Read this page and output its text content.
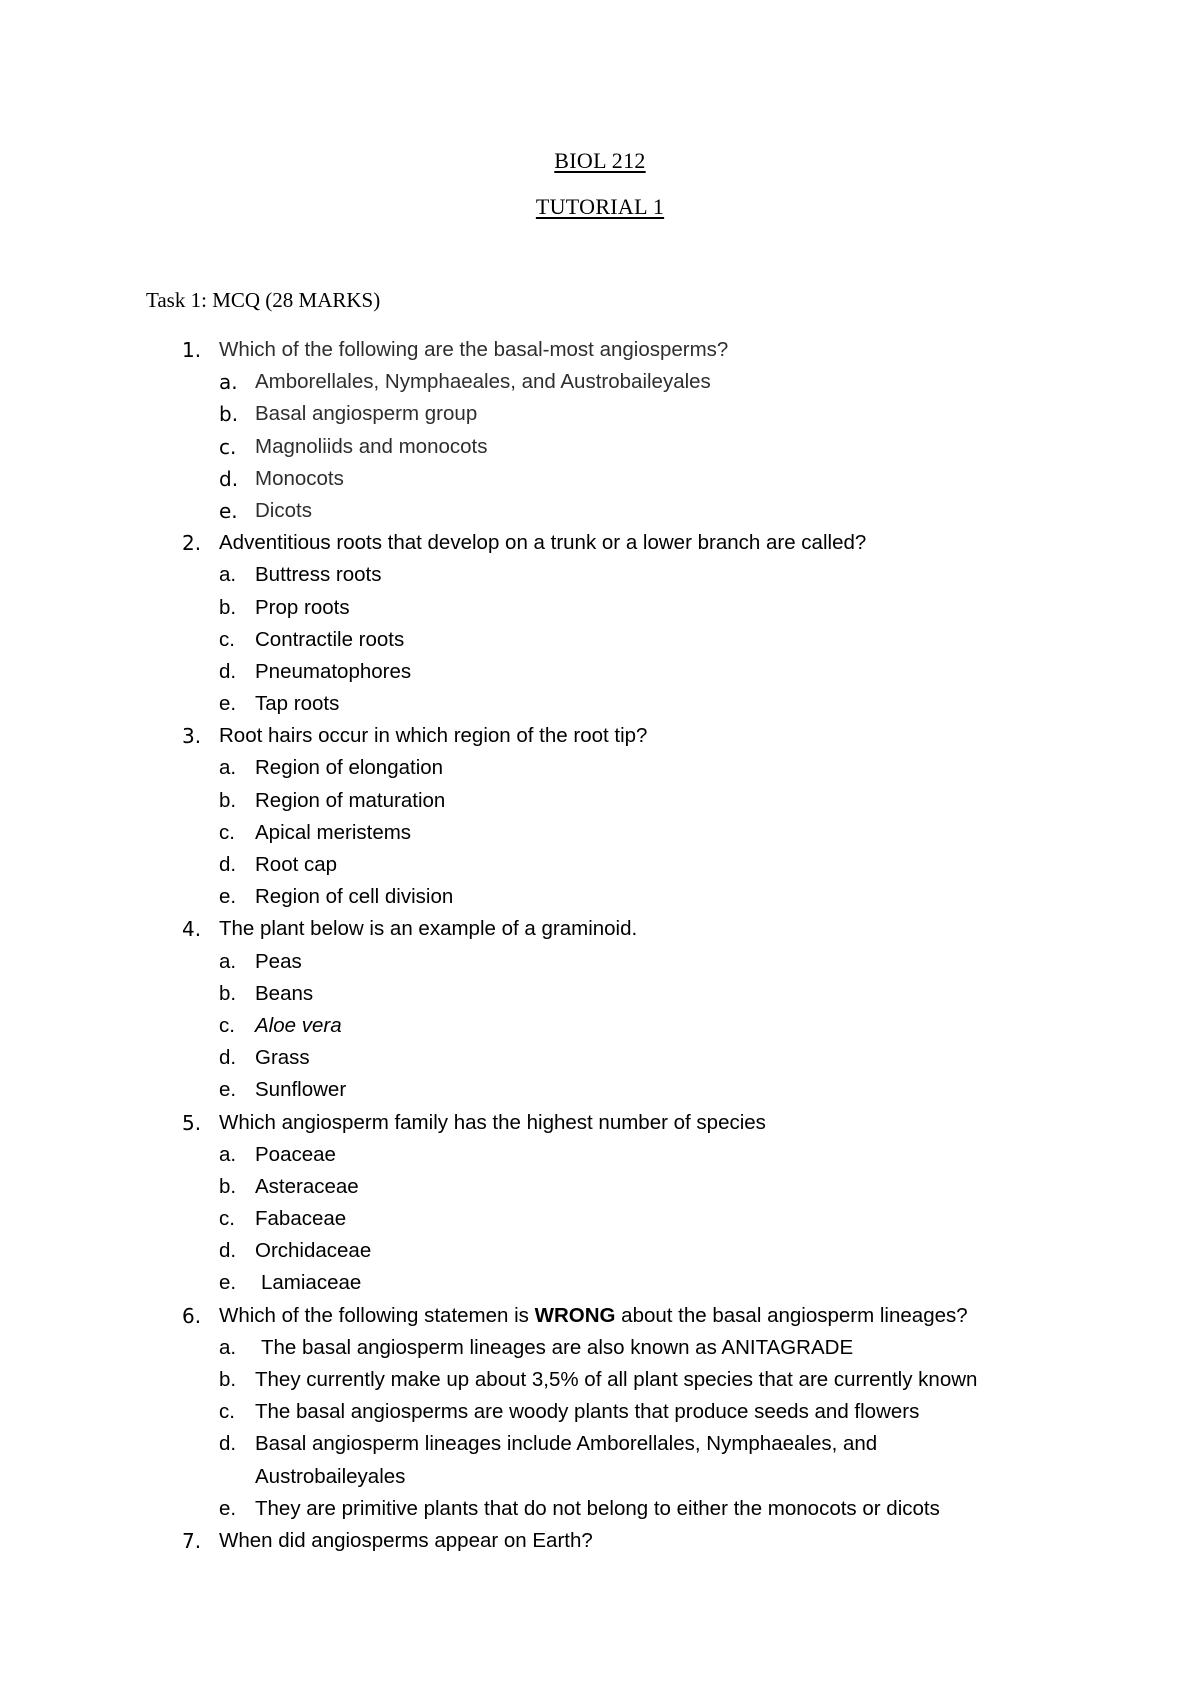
BIOL 212
TUTORIAL 1
Task 1: MCQ (28 MARKS)
1. Which of the following are the basal-most angiosperms?
a. Amborellales, Nymphaeales, and Austrobaileyales
b. Basal angiosperm group
c. Magnoliids and monocots
d. Monocots
e. Dicots
2. Adventitious roots that develop on a trunk or a lower branch are called?
a. Buttress roots
b. Prop roots
c. Contractile roots
d. Pneumatophores
e. Tap roots
3. Root hairs occur in which region of the root tip?
a. Region of elongation
b. Region of maturation
c. Apical meristems
d. Root cap
e. Region of cell division
4. The plant below is an example of a graminoid.
a. Peas
b. Beans
c. Aloe vera
d. Grass
e. Sunflower
5. Which angiosperm family has the highest number of species
a. Poaceae
b. Asteraceae
c. Fabaceae
d. Orchidaceae
e. Lamiaceae
6. Which of the following statemen is WRONG about the basal angiosperm lineages?
a. The basal angiosperm lineages are also known as ANITAGRADE
b. They currently make up about 3,5% of all plant species that are currently known
c. The basal angiosperms are woody plants that produce seeds and flowers
d. Basal angiosperm lineages include Amborellales, Nymphaeales, and
Austrobaileyales
e. They are primitive plants that do not belong to either the monocots or dicots
7. When did angiosperms appear on Earth?
